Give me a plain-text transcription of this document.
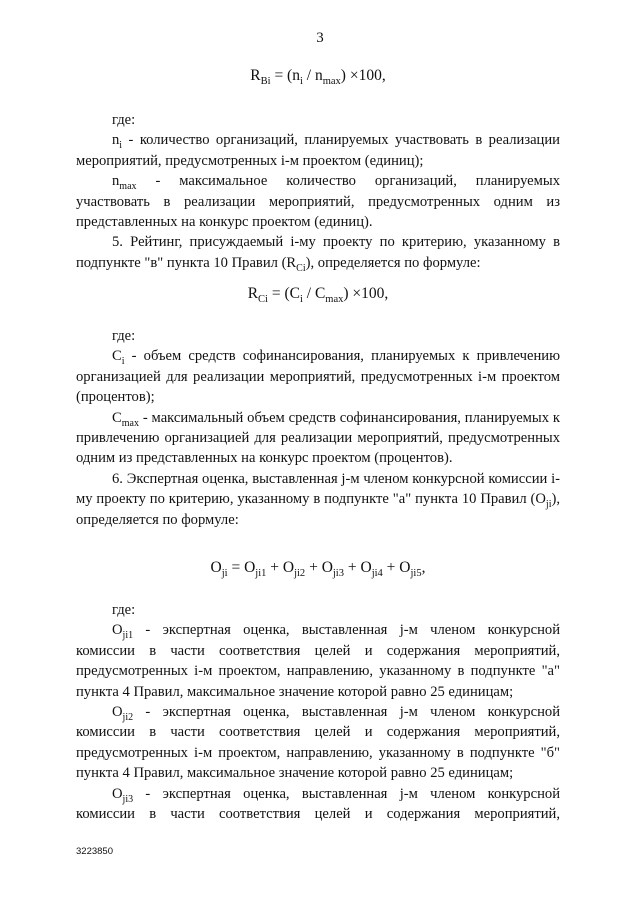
3

$R_{Bi} = (n_i / n_{max}) \times 100$,

где:

$n_i$ - количество организаций, планируемых участвовать в реализации мероприятий, предусмотренных i-м проектом (единиц);

$n_{max}$ - максимальное количество организаций, планируемых участвовать в реализации мероприятий, предусмотренных одним из представленных на конкурс проектом (единиц).

5. Рейтинг, присуждаемый i-му проекту по критерию, указанному в подпункте "в" пункта 10 Правил $(R_{Ci})$, определяется по формуле:

$R_{Ci} = (C_i / C_{max}) \times 100$,

где:

$C_i$ - объем средств софинансирования, планируемых к привлечению организацией для реализации мероприятий, предусмотренных i-м проектом (процентов);

$C_{max}$ - максимальный объем средств софинансирования, планируемых к привлечению организацией для реализации мероприятий, предусмотренных одним из представленных на конкурс проектом (процентов).

6. Экспертная оценка, выставленная j-м членом конкурсной комиссии i-му проекту по критерию, указанному в подпункте "а" пункта 10 Правил $(O_{ji})$, определяется по формуле:

$O_{ji} = O_{ji1} + O_{ji2} + O_{ji3} + O_{ji4} + O_{ji5}$,

где:

$O_{ji1}$ - экспертная оценка, выставленная j-м членом конкурсной комиссии в части соответствия целей и содержания мероприятий, предусмотренных i-м проектом, направлению, указанному в подпункте "а" пункта 4 Правил, максимальное значение которой равно 25 единицам;

$O_{ji2}$ - экспертная оценка, выставленная j-м членом конкурсной комиссии в части соответствия целей и содержания мероприятий, предусмотренных i-м проектом, направлению, указанному в подпункте "б" пункта 4 Правил, максимальное значение которой равно 25 единицам;

$O_{ji3}$ - экспертная оценка, выставленная j-м членом конкурсной комиссии в части соответствия целей и содержания мероприятий,

3223850
